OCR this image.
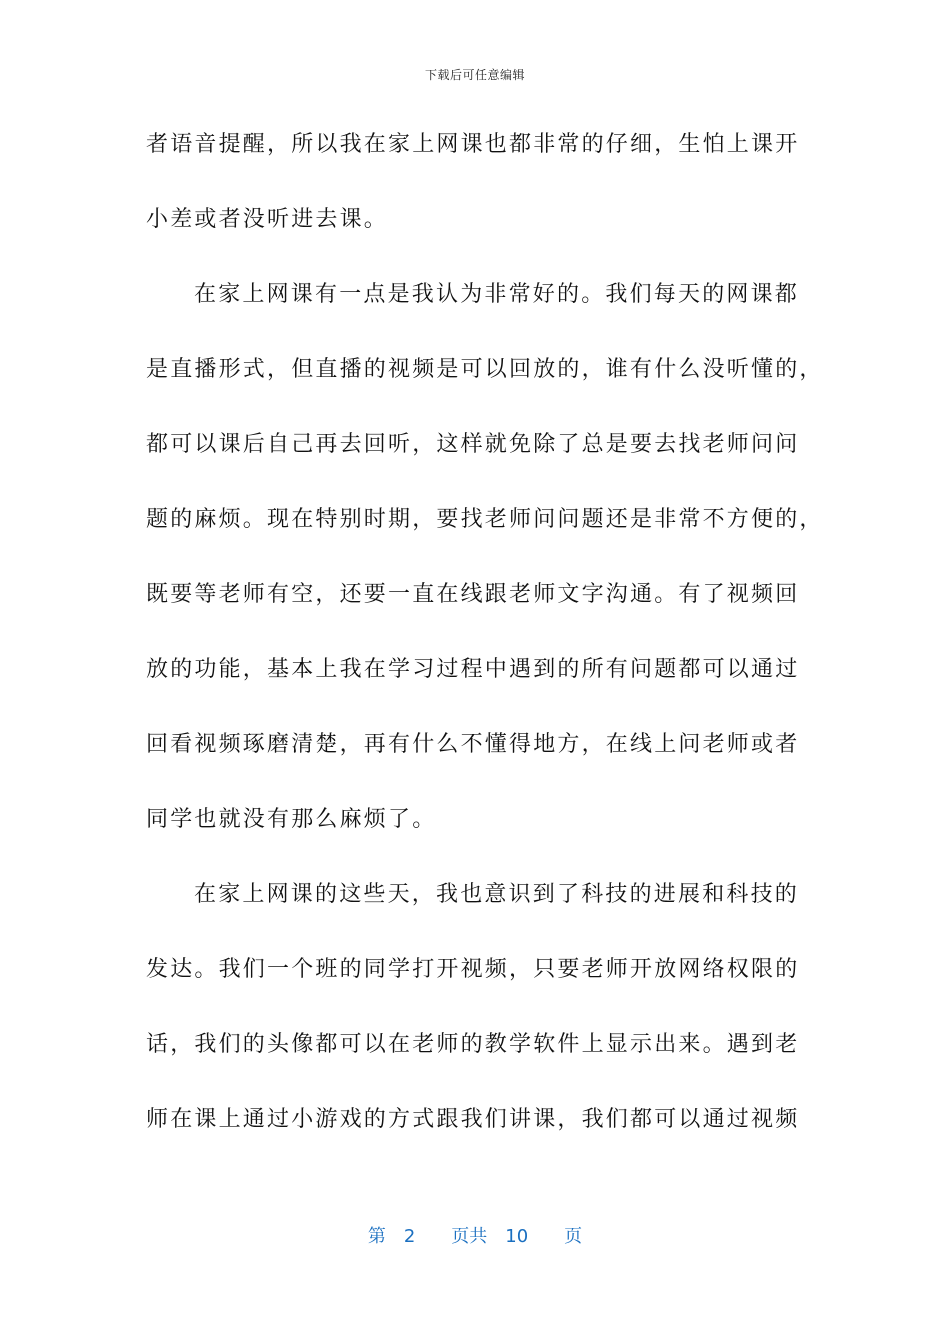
下载后可任意编辑
者语音提醒，所以我在家上网课也都非常的仔细，生怕上课开
小差或者没听进去课。
在家上网课有一点是我认为非常好的。我们每天的网课都
是直播形式，但直播的视频是可以回放的，谁有什么没听懂的，
都可以课后自己再去回听，这样就免除了总是要去找老师问问
题的麻烦。现在特别时期，要找老师问问题还是非常不方便的，
既要等老师有空，还要一直在线跟老师文字沟通。有了视频回
放的功能，基本上我在学习过程中遇到的所有问题都可以通过
回看视频琢磨清楚，再有什么不懂得地方，在线上问老师或者
同学也就没有那么麻烦了。
在家上网课的这些天，我也意识到了科技的进展和科技的
发达。我们一个班的同学打开视频，只要老师开放网络权限的
话，我们的头像都可以在老师的教学软件上显示出来。遇到老
师在课上通过小游戏的方式跟我们讲课，我们都可以通过视频
第 2 页共 10 页
